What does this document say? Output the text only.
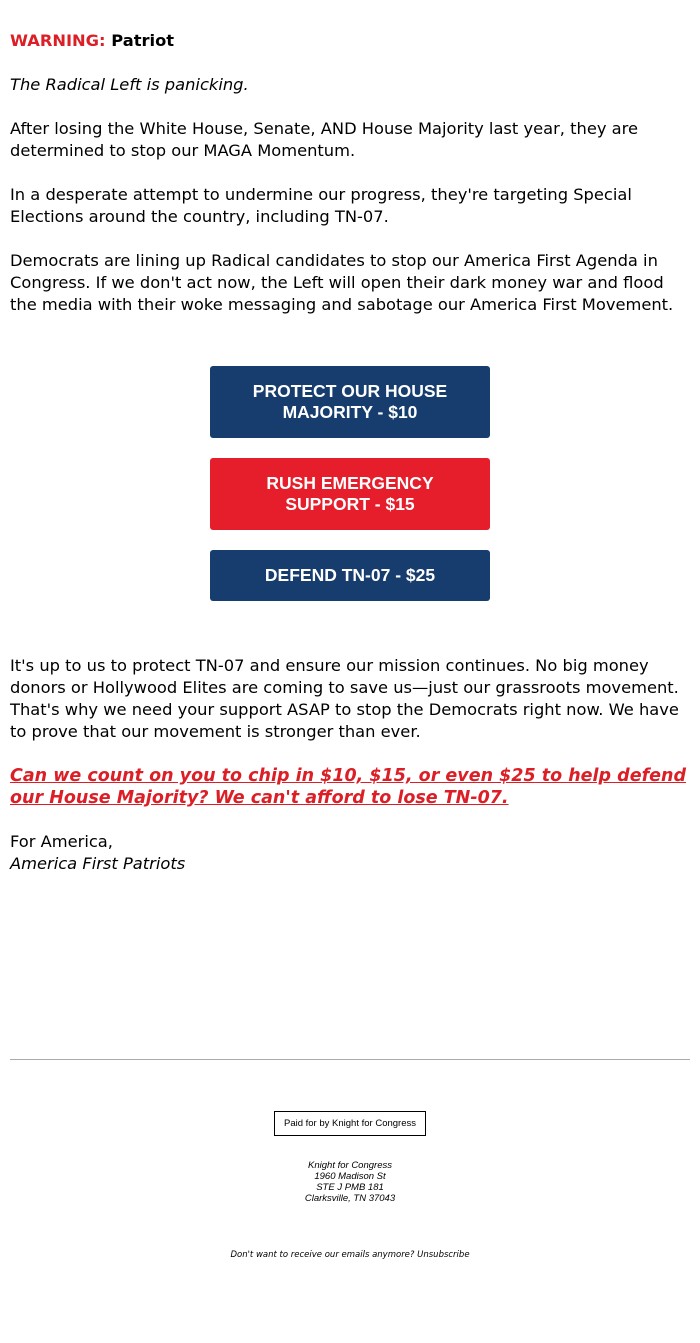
WARNING: Patriot

The Radical Left is panicking.

After losing the White House, Senate, AND House Majority last year, they are determined to stop our MAGA Momentum.

In a desperate attempt to undermine our progress, they're targeting Special Elections around the country, including TN-07.

Democrats are lining up Radical candidates to stop our America First Agenda in Congress. If we don't act now, the Left will open their dark money war and flood the media with their woke messaging and sabotage our America First Movement.

PROTECT OUR HOUSE MAJORITY - $10
RUSH EMERGENCY SUPPORT - $15
DEFEND TN-07 - $25

It's up to us to protect TN-07 and ensure our mission continues. No big money donors or Hollywood Elites are coming to save us—just our grassroots movement. That's why we need your support ASAP to stop the Democrats right now. We have to prove that our movement is stronger than ever.

Can we count on you to chip in $10, $15, or even $25 to help defend our House Majority? We can't afford to lose TN-07.

For America,

America First Patriots

Paid for by Knight for Congress
Knight for Congress
1960 Madison St
STE J PMB 181
Clarksville, TN 37043
Don't want to receive our emails anymore? Unsubscribe
